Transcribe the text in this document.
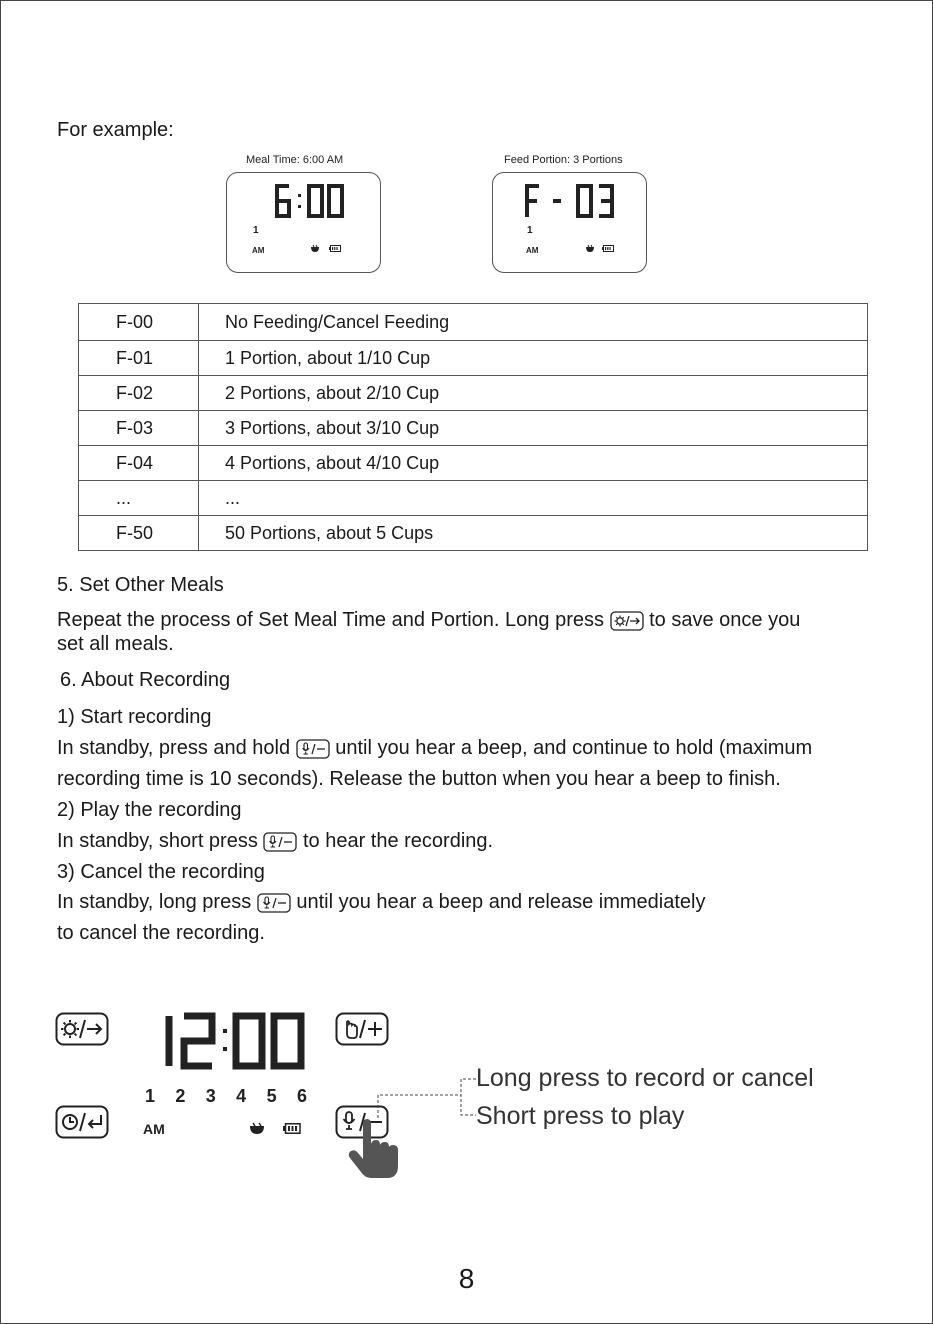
For example:
Meal Time: 6:00 AM
1
AM
Feed Portion: 3 Portions
1
AM
F-00	No Feeding/Cancel Feeding
F-01	1 Portion, about 1/10 Cup
F-02	2 Portions, about 2/10 Cup
F-03	3 Portions, about 3/10 Cup
F-04	4 Portions, about 4/10 Cup
...	...
F-50	50 Portions, about 5 Cups
5. Set Other Meals
Repeat the process of Set Meal Time and Portion. Long press to save once you
set all meals.
6. About Recording
1) Start recording
In standby, press and hold until you hear a beep, and continue to hold (maximum
recording time is 10 seconds). Release the button when you hear a beep to finish.
2) Play the recording
In standby, short press to hear the recording.
3) Cancel the recording
In standby, long press until you hear a beep and release immediately
to cancel the recording.
1 2 3 4 5 6
AM
Long press to record or cancel
Short press to play
8
